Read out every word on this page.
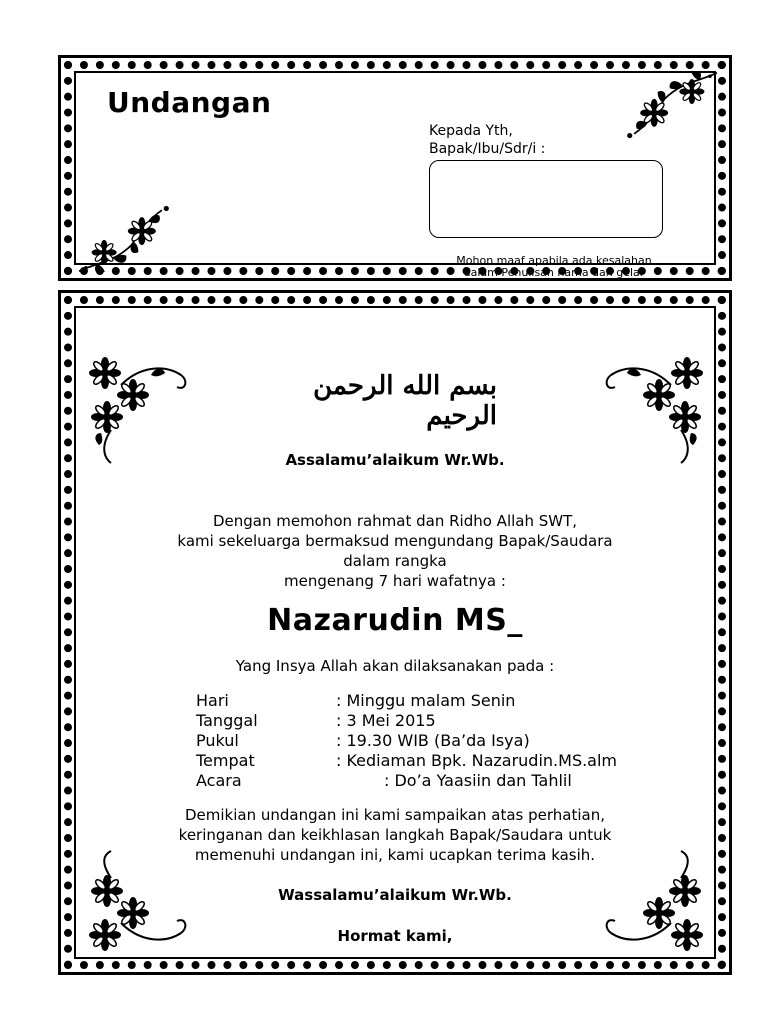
Undangan
Kepada Yth,
Bapak/Ibu/Sdr/i :
Mohon maaf apabila ada kesalahan dalam Penulisan nama dan gelar
بسم الله الرحمن الرحيم
Assalamu’alaikum Wr.Wb.
Dengan memohon rahmat dan Ridho Allah SWT,
kami sekeluarga bermaksud mengundang Bapak/Saudara
dalam rangka
mengenang 7 hari wafatnya :
Nazarudin MS_
Yang Insya Allah akan dilaksanakan pada :
Hari	: Minggu malam Senin
Tanggal	: 3 Mei 2015
Pukul	: 19.30 WIB (Ba’da Isya)
Tempat	: Kediaman Bpk. Nazarudin.MS.alm
Acara	: Do’a Yaasiin dan Tahlil
Demikian undangan ini kami sampaikan atas perhatian,
keringanan dan keikhlasan langkah Bapak/Saudara untuk
memenuhi undangan ini, kami ucapkan terima kasih.
Wassalamu’alaikum Wr.Wb.
Hormat kami,
